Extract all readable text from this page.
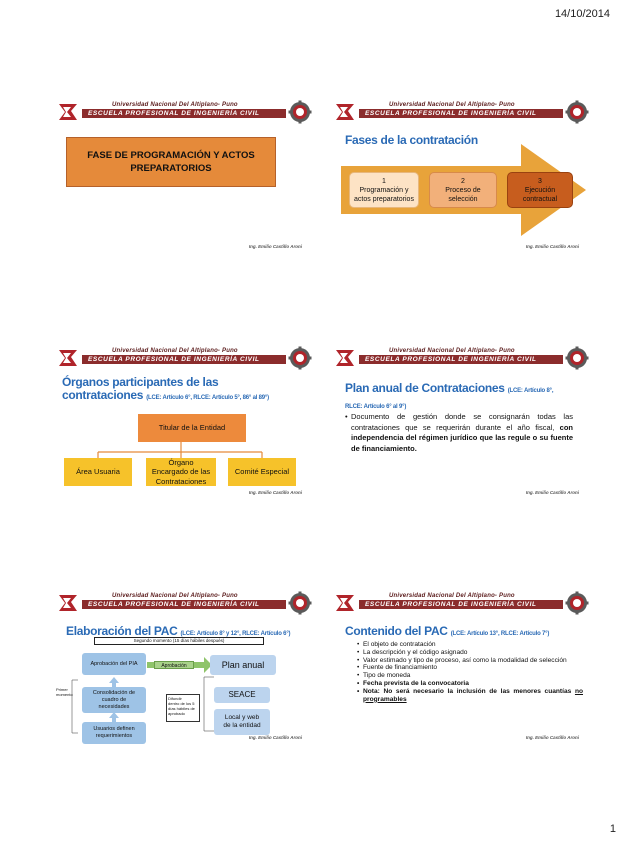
14/10/2014
Universidad Nacional Del Altiplano- Puno
ESCUELA PROFESIONAL DE INGENIERÍA CIVIL
FASE DE PROGRAMACIÓN Y ACTOS PREPARATORIOS
Ing. Emilio Castillo Aroni
Universidad Nacional Del Altiplano- Puno
ESCUELA PROFESIONAL DE INGENIERÍA CIVIL
Fases de la contratación
1
Programación y
actos preparatorios
2
Proceso de
selección
3
Ejecución
contractual
Ing. Emilio Castillo Aroni
Universidad Nacional Del Altiplano- Puno
ESCUELA PROFESIONAL DE INGENIERÍA CIVIL
Órganos participantes de las
contrataciones (LCE: Artículo 6°, RLCE: Artículo 5°, 86° al 89°)
Titular de la Entidad
Área Usuaria
Órgano
Encargado de las
Contrataciones
Comité Especial
Ing. Emilio Castillo Aroni
Universidad Nacional Del Altiplano- Puno
ESCUELA PROFESIONAL DE INGENIERÍA CIVIL
Plan anual de Contrataciones (LCE: Artículo 8°,
RLCE: Artículo 6° al 9°)
• Documento de gestión donde se consignarán todas las contrataciones que se requerirán durante el año fiscal, con independencia del régimen jurídico que las regule o su fuente de financiamiento.
Ing. Emilio Castillo Aroni
Universidad Nacional Del Altiplano- Puno
ESCUELA PROFESIONAL DE INGENIERÍA CIVIL
Elaboración del PAC (LCE: Artículo 8° y 12°, RLCE: Artículo 6°)
Segundo momento (15 días hábiles después)
Primer
momento
Aprobación del PIA
Consolidación de
cuadro de
necesidades
Usuarios definen
requerimientos
Aprobación	Plan anual
SEACE
Local y web
de la entidad
Difundir
dentro de los 5
días hábiles de
aprobado
Ing. Emilio Castillo Aroni
Universidad Nacional Del Altiplano- Puno
ESCUELA PROFESIONAL DE INGENIERÍA CIVIL
Contenido del PAC (LCE: Artículo 13°, RLCE: Artículo 7°)
• El objeto de contratación
• La descripción y el código asignado
• Valor estimado y tipo de proceso, así como la modalidad de selección
• Fuente de financiamiento
• Tipo de moneda
• Fecha prevista de la convocatoria
• Nota: No será necesario la inclusión de las menores cuantías no programables
Ing. Emilio Castillo Aroni
1
